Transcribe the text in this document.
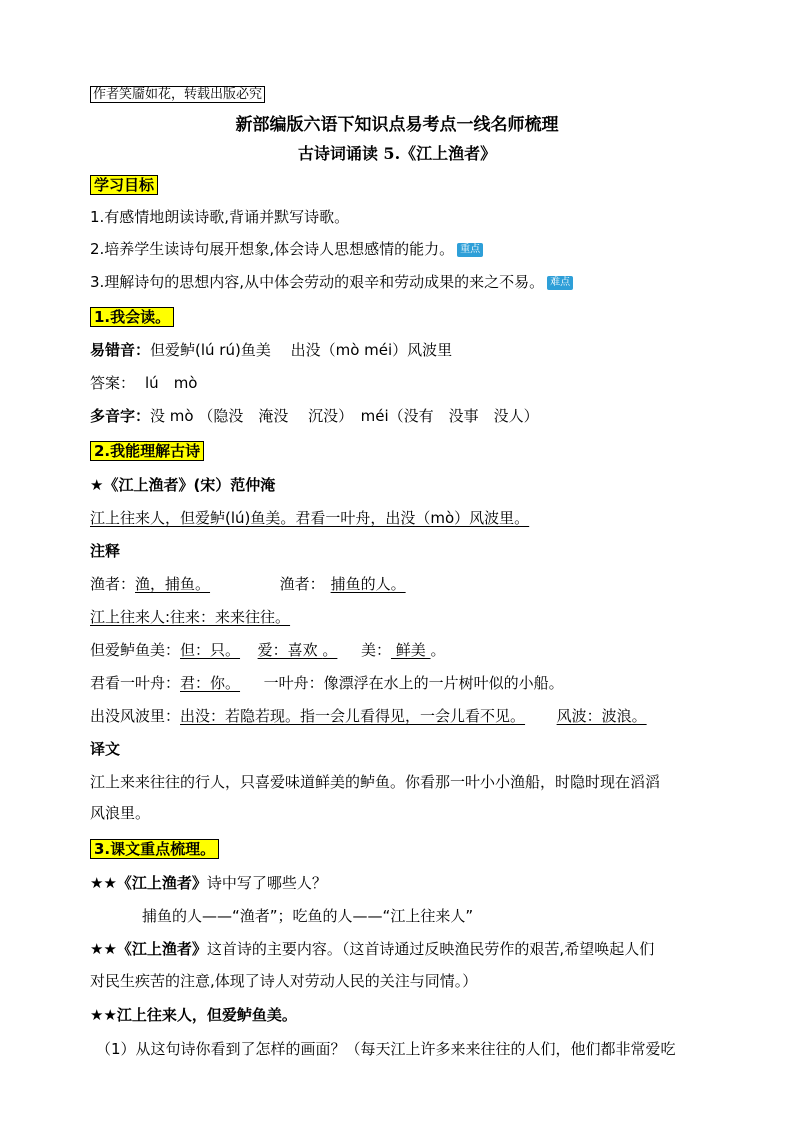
作者笑靥如花，转载出版必究
新部编版六语下知识点易考点一线名师梳理
古诗词诵读 5.《江上渔者》
学习目标
1.有感情地朗读诗歌,背诵并默写诗歌。
2.培养学生读诗句展开想象,体会诗人思想感情的能力。 重点
3.理解诗句的思想内容,从中体会劳动的艰辛和劳动成果的来之不易。 难点
1.我会读。
易错音：但爱鲈(lú rú)鱼美　 出没（mò méi）风波里
答案： lú　mò
多音字：没 mò （隐没　淹没　 沉没）　méi（没有　没事　没人）
2.我能理解古诗
★《江上渔者》(宋）范仲淹
江上往来人，但爱鲈(lú)鱼美。君看一叶舟，出没（mò）风波里。
注释
渔者：渔，捕鱼。	渔者： 捕鱼的人。
江上往来人:往来：来来往往。
但爱鲈鱼美：但：只。 爱：喜欢 。 美： 鲜美 。
君看一叶舟：君：你。 一叶舟：像漂浮在水上的一片树叶似的小船。
出没风波里：出没：若隐若现。指一会儿看得见，一会儿看不见。 风波：波浪。
译文
江上来来往往的行人，只喜爱味道鲜美的鲈鱼。你看那一叶小小渔船，时隐时现在滔滔
风浪里。
3.课文重点梳理。
★★《江上渔者》诗中写了哪些人？
捕鱼的人——“渔者”；吃鱼的人——“江上往来人”
★★《江上渔者》这首诗的主要内容。（这首诗通过反映渔民劳作的艰苦,希望唤起人们
对民生疾苦的注意,体现了诗人对劳动人民的关注与同情。）
★★江上往来人，但爱鲈鱼美。
（1）从这句诗你看到了怎样的画面？（每天江上许多来来往往的人们，他们都非常爱吃
